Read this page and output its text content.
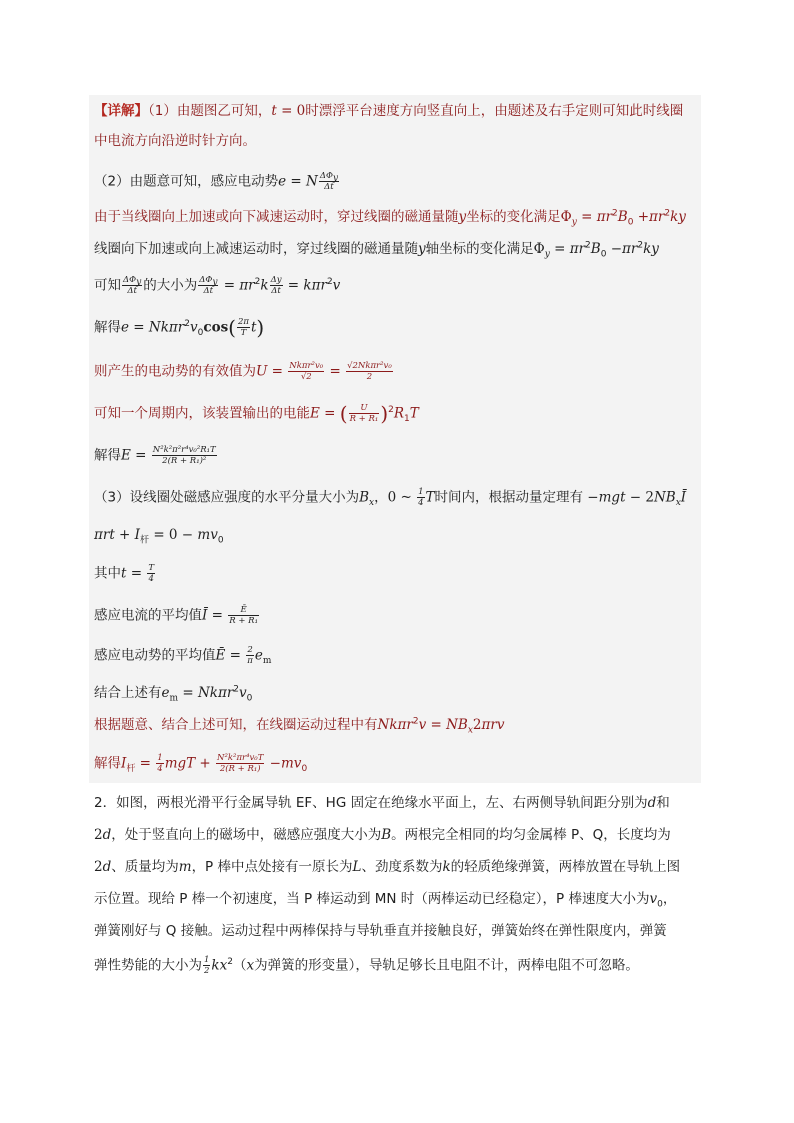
【详解】（1）由题图乙可知，t = 0时漂浮平台速度方向竖直向上，由题述及右手定则可知此时线圈
中电流方向沿逆时针方向。
（2）由题意可知，感应电动势e = N $\frac{\Delta\Phi_y}{\Delta t}$
由于当线圈向上加速或向下减速运动时，穿过线圈的磁通量随y坐标的变化满足$\Phi_y = \pi r^2B_0 +\pi r^2ky$
线圈向下加速或向上减速运动时，穿过线圈的磁通量随y轴坐标的变化满足$\Phi_y = \pi r^2B_0 -\pi r^2ky$
可知 $\frac{\Delta\Phi_y}{\Delta t}$ 的大小为 $\frac{\Delta\Phi_y}{\Delta t} = \pi r^2k \frac{\Delta y}{\Delta t} = k\pi r^2v$
解得$e = Nk\pi r^2v_0\cos( \frac{2\pi}{T} t)$
则产生的电动势的有效值为$U = \frac{\text{Nkπr²v₀}}{√2} = \frac{\text{√2Nkπr²v₀}}{2}$
可知一个周期内，该装置输出的电能E = ( $\frac{U}{\text{R + R₁}} )^2R_1T$
解得$E = \frac{\text{N²k²π²r⁴v₀²R₁T}}{\text{2(R + R₁)²}}$
（3）设线圈处磁感应强度的水平分量大小为$B_x$，0 ~ $\frac{1}{4}$ T时间内，根据动量定理有 $-mgt - 2NB_xĪ$
$\pi rt + I_杆 = 0 - mv_0$
其中$t = \frac{T}{4}$
感应电流的平均值Ī = $\frac{Ē}{\text{R + R₁}}$
感应电动势的平均值Ē = $\frac{2}{\pi} e_m$
结合上述有$e_m = Nk\pi r^2v_0$
根据题意、结合上述可知，在线圈运动过程中有$Nk\pi r^2v = NB_x2\pi rv$
解得$I_杆 = \frac{1}{4}$ mgT + $\frac{\text{N²k²πr⁴v₀T}}{\text{2(R + R₁)}} -mv_0$
2．如图，两根光滑平行金属导轨 EF、HG 固定在绝缘水平面上，左、右两侧导轨间距分别为d和
2d，处于竖直向上的磁场中，磁感应强度大小为B。两根完全相同的均匀金属棒 P、Q，长度均为
2d、质量均为m，P 棒中点处接有一原长为L、劲度系数为k的轻质绝缘弹簧，两棒放置在导轨上图
示位置。现给 P 棒一个初速度，当 P 棒运动到 MN 时（两棒运动已经稳定），P 棒速度大小为$v_0$，
弹簧刚好与 Q 接触。运动过程中两棒保持与导轨垂直并接触良好，弹簧始终在弹性限度内，弹簧
弹性势能的大小为 $\frac{1}{2} kx^2(x$为弹簧的形变量），导轨足够长且电阻不计，两棒电阻不可忽略。
